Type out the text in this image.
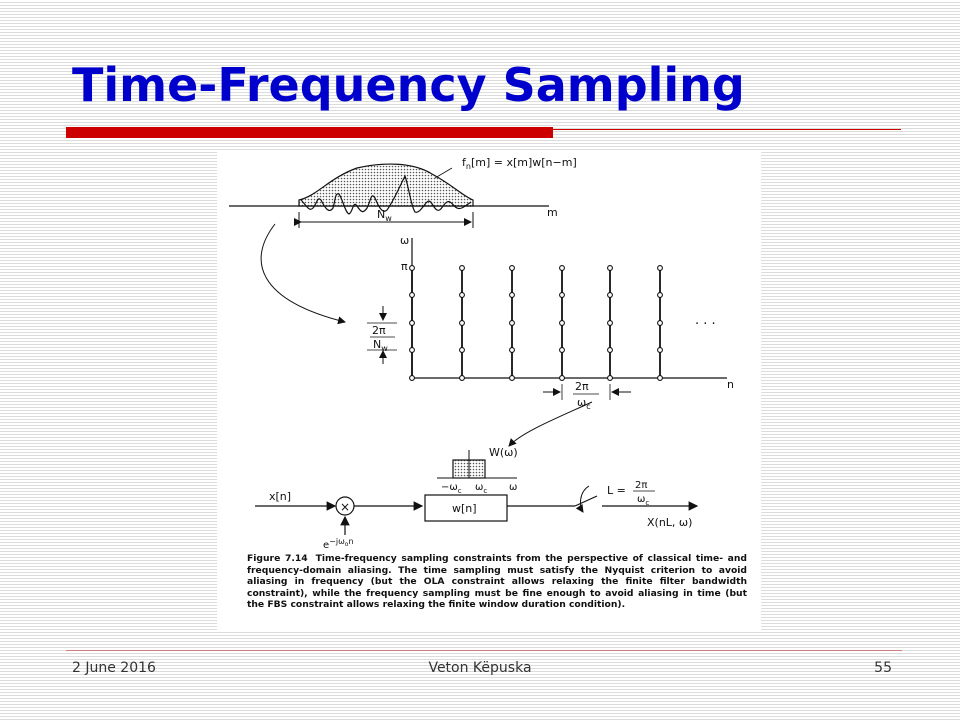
Time-Frequency Sampling
$f_n[m] = x[m]w[n-m]$
m
$N_w$
ω
π
n
· · ·
2π
$N_w$
2π
$\omega_c$
W(ω)
$-\omega_c$ $\omega_c$ ω
x[n]
×
$e^{-j\omega}_o^n$
w[n]
L = 2π
$\omega_c$
X(nL, ω)
Figure 7.14 Time-frequency sampling constraints from the perspective of classical time- and frequency-domain aliasing. The time sampling must satisfy the Nyquist criterion to avoid aliasing in frequency (but the OLA constraint allows relaxing the finite filter bandwidth constraint), while the frequency sampling must be fine enough to avoid aliasing in time (but the FBS constraint allows relaxing the finite window duration condition).
2 June 2016	Veton Këpuska	55
